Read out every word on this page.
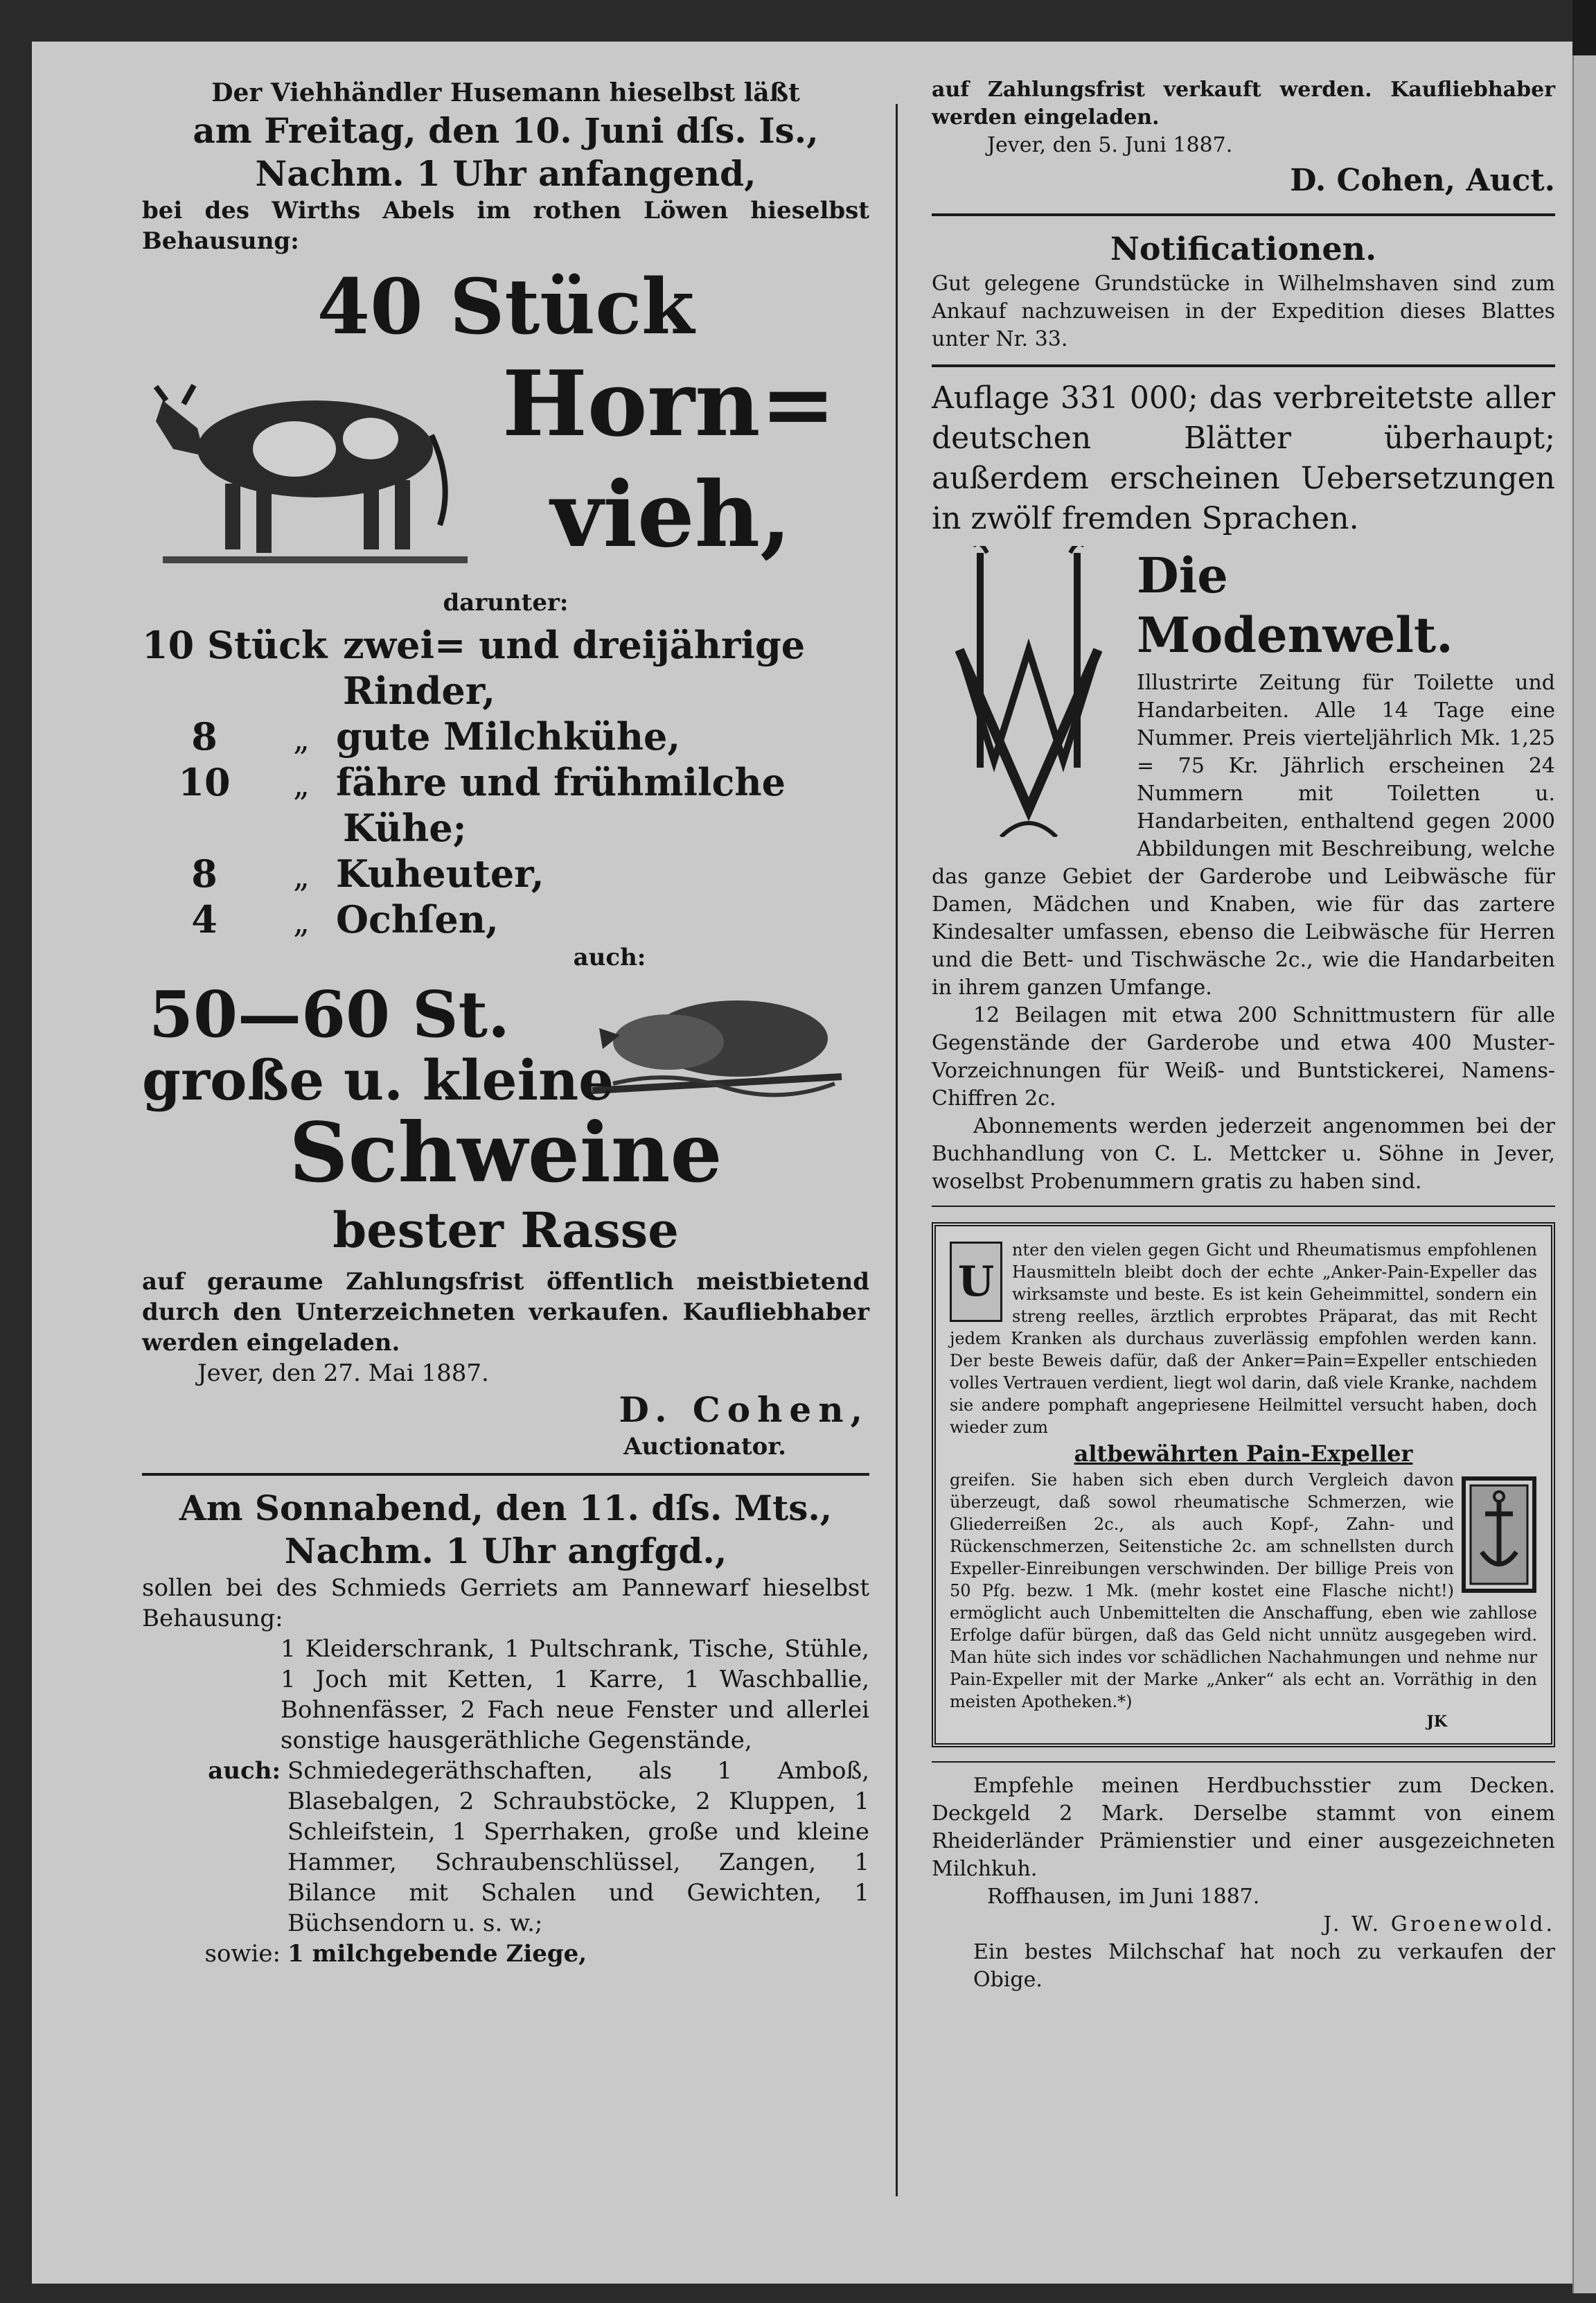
Der Viehhändler Husemann hieselbst läßt

am Freitag, den 10. Juni dſs. Is.,

Nachm. 1 Uhr anfangend,

bei des Wirths Abels im rothen Löwen hieselbst Behausung:

40 Stück

Horn=

vieh,

darunter:

10 Stück zwei= und dreijährige
Rinder,
8	„ gute Milchkühe,
10	„ fähre und frühmilche
Kühe;
8	„ Kuheuter,
4	„ Ochſen,

auch:

50—60 St.

große u. kleine

Schweine

bester Rasse

auf geraume Zahlungsfrist öffentlich meistbietend durch den Unterzeichneten verkaufen. Kaufliebhaber werden eingeladen.

Jever, den 27. Mai 1887.

D. Cohen,

Auctionator.

Am Sonnabend, den 11. dſs. Mts.,

Nachm. 1 Uhr angfgd.,

sollen bei des Schmieds Gerriets am Pannewarf hieselbst Behausung:

1 Kleiderschrank, 1 Pultschrank, Tische, Stühle, 1 Joch mit Ketten, 1 Karre, 1 Waschballie, Bohnenfässer, 2 Fach neue Fenster und allerlei sonstige hausgeräthliche Gegenstände,

auch: Schmiedegeräthschaften, als 1 Amboß, Blasebalgen, 2 Schraubstöcke, 2 Kluppen, 1 Schleifstein, 1 Sperrhaken, große und kleine Hammer, Schraubenschlüssel, Zangen, 1 Bilance mit Schalen und Gewichten, 1 Büchsendorn u. s. w.;
sowie: 1 milchgebende Ziege,

auf Zahlungsfrist verkauft werden. Kaufliebhaber werden eingeladen.

Jever, den 5. Juni 1887.

D. Cohen, Auct.

Notificationen.

Gut gelegene Grundstücke in Wilhelmshaven sind zum Ankauf nachzuweisen in der Expedition dieses Blattes unter Nr. 33.

Auflage 331 000; das verbreitetste aller deutschen Blätter überhaupt; außerdem erscheinen Uebersetzungen in zwölf fremden Sprachen.

Die Modenwelt.

Illustrirte Zeitung für Toilette und Handarbeiten. Alle 14 Tage eine Nummer. Preis vierteljährlich Mk. 1,25 = 75 Kr. Jährlich erscheinen 24 Nummern mit Toiletten u. Handarbeiten, enthaltend gegen 2000 Abbildungen mit Beschreibung, welche das ganze Gebiet der Garderobe und Leibwäsche für Damen, Mädchen und Knaben, wie für das zartere Kindesalter umfassen, ebenso die Leibwäsche für Herren und die Bett- und Tischwäsche 2c., wie die Handarbeiten in ihrem ganzen Umfange.

12 Beilagen mit etwa 200 Schnittmustern für alle Gegenstände der Garderobe und etwa 400 Muster-Vorzeichnungen für Weiß- und Buntstickerei, Namens-Chiffren 2c.

Abonnements werden jederzeit angenommen bei der Buchhandlung von C. L. Mettcker u. Söhne in Jever, woselbst Probenummern gratis zu haben sind.

U

nter den vielen gegen Gicht und Rheumatismus empfohlenen Hausmitteln bleibt doch der echte „Anker-Pain-Expeller das wirksamste und beste. Es ist kein Geheimmittel, sondern ein streng reelles, ärztlich erprobtes Präparat, das mit Recht jedem Kranken als durchaus zuverlässig empfohlen werden kann. Der beste Beweis dafür, daß der Anker=Pain=Expeller entschieden volles Vertrauen verdient, liegt wol darin, daß viele Kranke, nachdem sie andere pomphaft angepriesene Heilmittel versucht haben, doch wieder zum

altbewährten Pain-Expeller

greifen. Sie haben sich eben durch Vergleich davon überzeugt, daß sowol rheumatische Schmerzen, wie Gliederreißen 2c., als auch Kopf-, Zahn- und Rückenschmerzen, Seitenstiche 2c. am schnellsten durch Expeller-Einreibungen verschwinden. Der billige Preis von 50 Pfg. bezw. 1 Mk. (mehr kostet eine Flasche nicht!) ermöglicht auch Unbemittelten die Anschaffung, eben wie zahllose Erfolge dafür bürgen, daß das Geld nicht unnütz ausgegeben wird. Man hüte sich indes vor schädlichen Nachahmungen und nehme nur Pain-Expeller mit der Marke „Anker“ als echt an. Vorräthig in den meisten Apotheken.*)

JK

Empfehle meinen Herdbuchsstier zum Decken. Deckgeld 2 Mark. Derselbe stammt von einem Rheiderländer Prämienstier und einer ausgezeichneten Milchkuh.

Roffhausen, im Juni 1887.

J. W. Groenewold.

Ein bestes Milchschaf hat noch zu verkaufen der Obige.
